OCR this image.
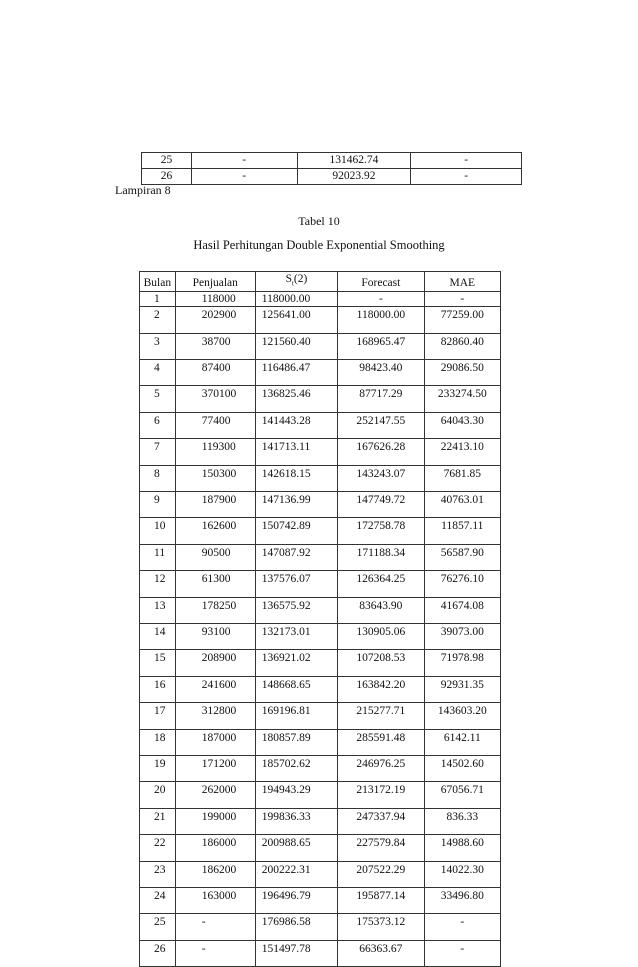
25	-	131462.74	-
26	-	92023.92	-
Lampiran 8
Tabel 10
Hasil Perhitungan Double Exponential Smoothing
Bulan	Penjualan	$S_t(2)$	Forecast	MAE
1	118000	118000.00	-	-
2	202900	125641.00	118000.00	77259.00
3	38700	121560.40	168965.47	82860.40
4	87400	116486.47	98423.40	29086.50
5	370100	136825.46	87717.29	233274.50
6	77400	141443.28	252147.55	64043.30
7	119300	141713.11	167626.28	22413.10
8	150300	142618.15	143243.07	7681.85
9	187900	147136.99	147749.72	40763.01
10	162600	150742.89	172758.78	11857.11
11	90500	147087.92	171188.34	56587.90
12	61300	137576.07	126364.25	76276.10
13	178250	136575.92	83643.90	41674.08
14	93100	132173.01	130905.06	39073.00
15	208900	136921.02	107208.53	71978.98
16	241600	148668.65	163842.20	92931.35
17	312800	169196.81	215277.71	143603.20
18	187000	180857.89	285591.48	6142.11
19	171200	185702.62	246976.25	14502.60
20	262000	194943.29	213172.19	67056.71
21	199000	199836.33	247337.94	836.33
22	186000	200988.65	227579.84	14988.60
23	186200	200222.31	207522.29	14022.30
24	163000	196496.79	195877.14	33496.80
25	-	176986.58	175373.12	-
26	-	151497.78	66363.67	-
